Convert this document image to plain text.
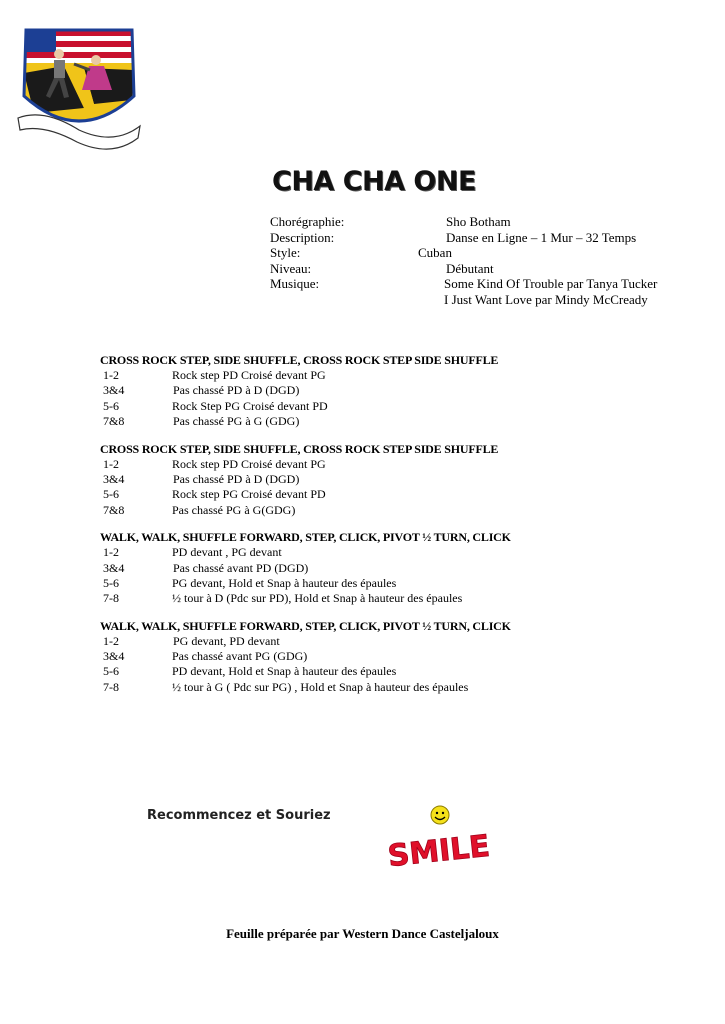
CHA CHA ONE
Chorégraphie:	Sho Botham
Description:	Danse en Ligne – 1 Mur – 32 Temps
Style:	Cuban
Niveau:	Débutant
Musique:	Some Kind Of Trouble par Tanya Tucker
I Just Want Love par Mindy McCready
CROSS ROCK STEP, SIDE SHUFFLE, CROSS ROCK STEP SIDE SHUFFLE
1-2	Rock step PD Croisé devant PG
3&4	Pas chassé PD à D (DGD)
5-6	Rock Step PG Croisé devant PD
7&8	Pas chassé PG à G (GDG)
CROSS ROCK STEP, SIDE SHUFFLE, CROSS ROCK STEP SIDE SHUFFLE
1-2	Rock step PD Croisé devant PG
3&4	Pas chassé PD à D (DGD)
5-6	Rock step PG Croisé devant PD
7&8	Pas chassé PG à G(GDG)
WALK, WALK, SHUFFLE FORWARD, STEP, CLICK, PIVOT ½ TURN, CLICK
1-2	PD devant , PG devant
3&4	Pas chassé avant PD (DGD)
5-6	PG devant, Hold et Snap à hauteur des épaules
7-8	½ tour à D (Pdc sur PD), Hold et Snap à hauteur des épaules
WALK, WALK, SHUFFLE FORWARD, STEP, CLICK, PIVOT ½ TURN, CLICK
1-2	PG devant, PD devant
3&4	Pas chassé avant PG (GDG)
5-6	PD devant, Hold et Snap à hauteur des épaules
7-8	½ tour à G ( Pdc sur PG) , Hold et Snap à hauteur des épaules
Recommencez et Souriez
SMILE
Feuille préparée par Western Dance Casteljaloux
